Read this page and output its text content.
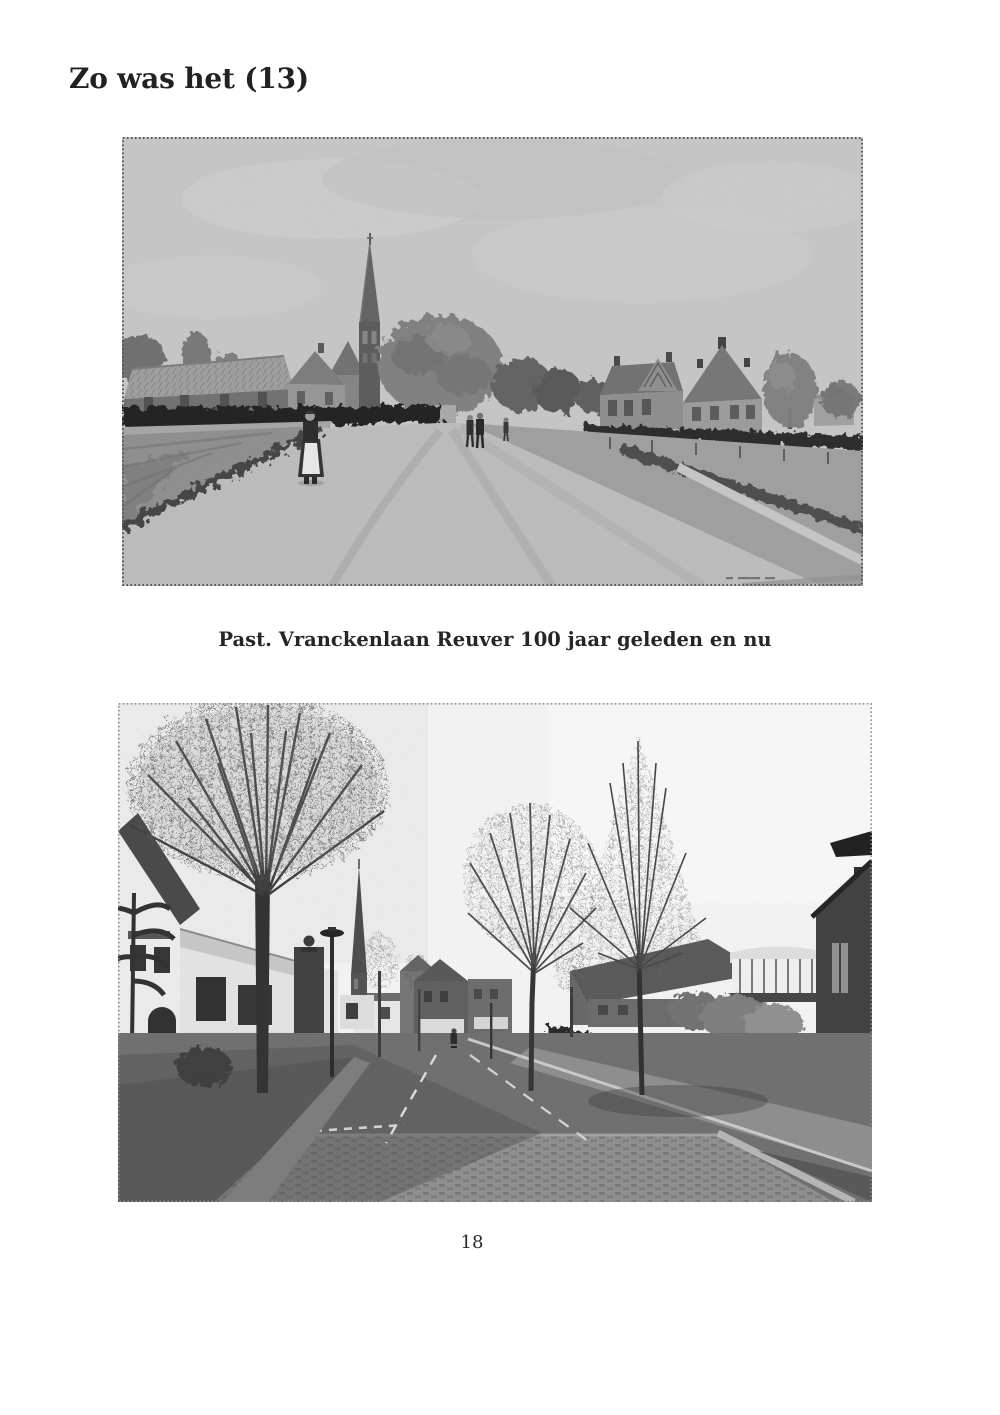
Zo was het (13)
Past. Vranckenlaan Reuver 100 jaar geleden en nu
18
